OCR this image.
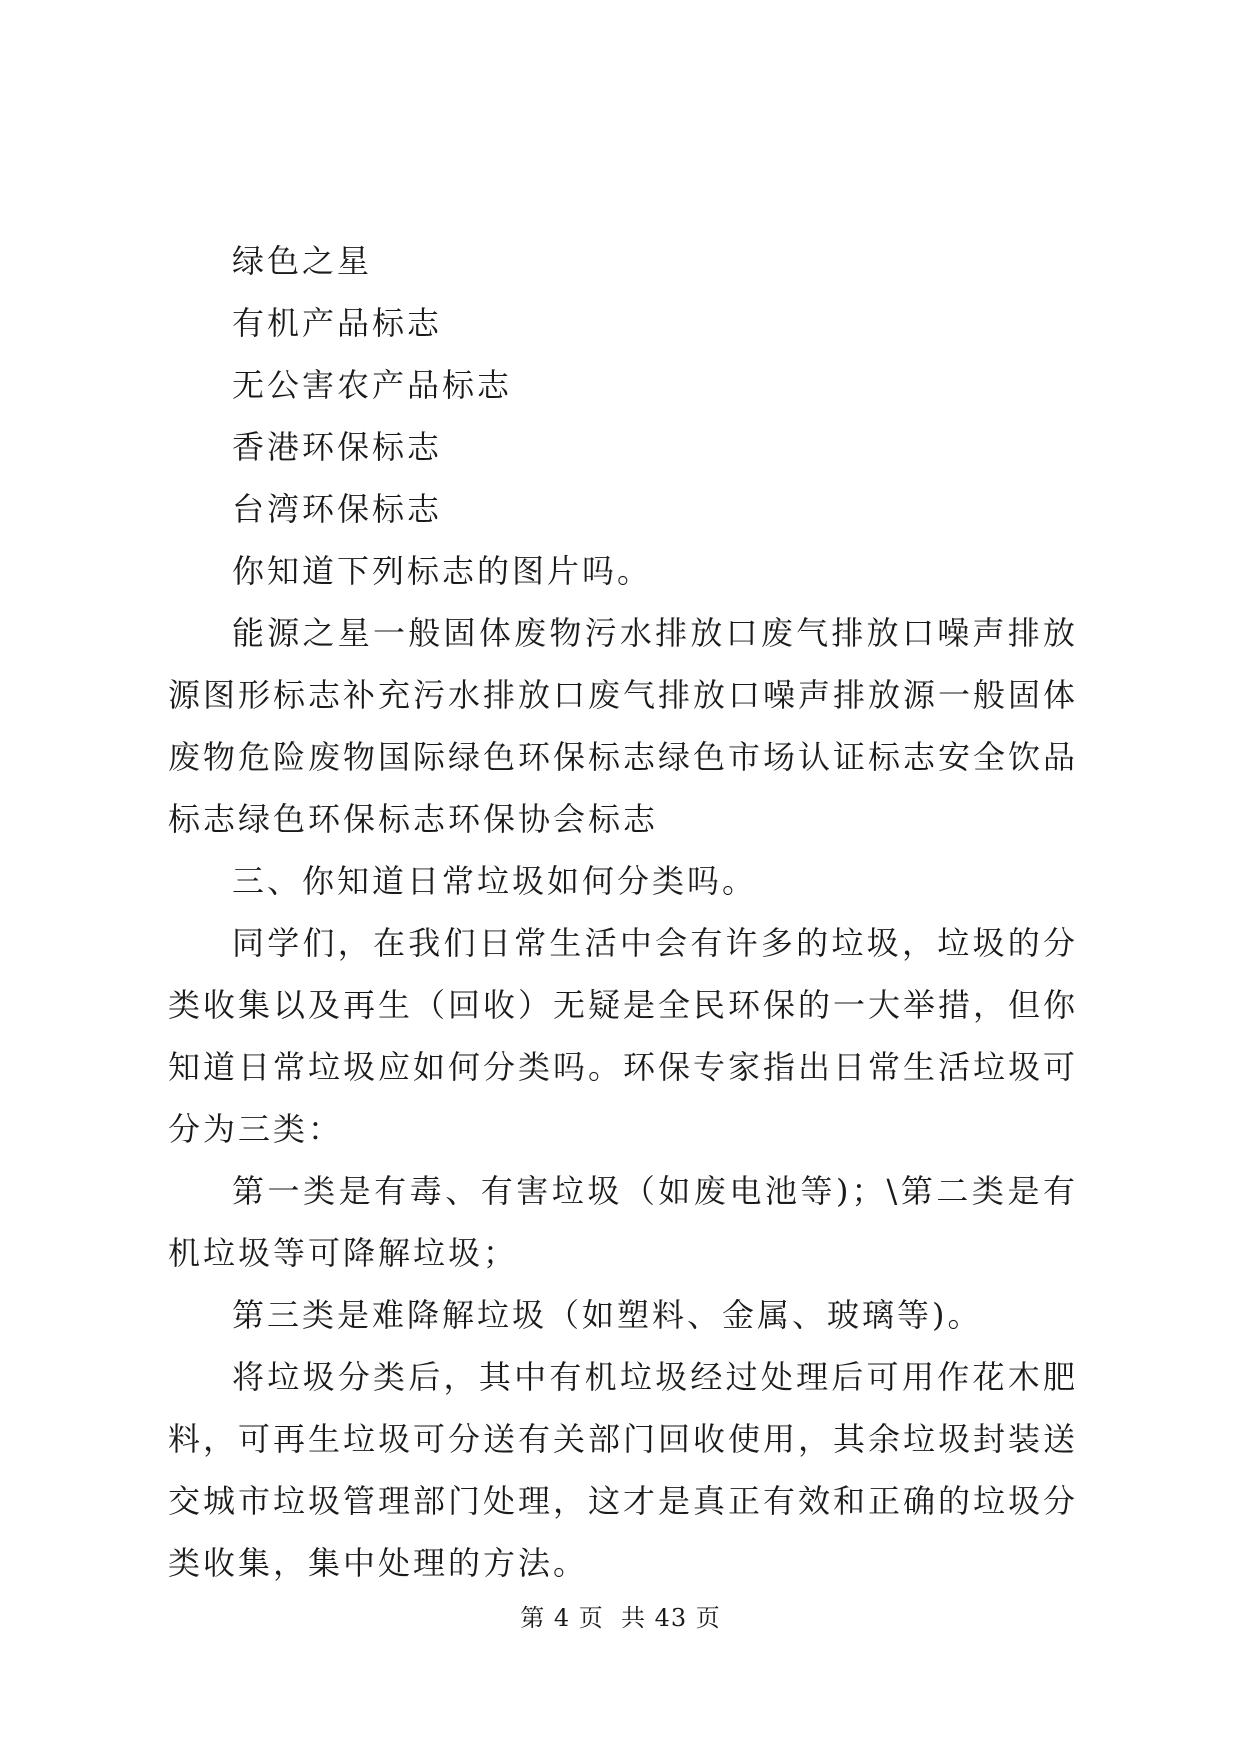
绿色之星

有机产品标志

无公害农产品标志

香港环保标志

台湾环保标志

你知道下列标志的图片吗。

能源之星一般固体废物污水排放口废气排放口噪声排放源图形标志补充污水排放口废气排放口噪声排放源一般固体废物危险废物国际绿色环保标志绿色市场认证标志安全饮品标志绿色环保标志环保协会标志

三、你知道日常垃圾如何分类吗。

同学们，在我们日常生活中会有许多的垃圾，垃圾的分类收集以及再生（回收）无疑是全民环保的一大举措，但你知道日常垃圾应如何分类吗。环保专家指出日常生活垃圾可分为三类：

第一类是有毒、有害垃圾（如废电池等)；\第二类是有机垃圾等可降解垃圾；

第三类是难降解垃圾（如塑料、金属、玻璃等)。

将垃圾分类后，其中有机垃圾经过处理后可用作花木肥料，可再生垃圾可分送有关部门回收使用，其余垃圾封装送交城市垃圾管理部门处理，这才是真正有效和正确的垃圾分类收集，集中处理的方法。

第 4 页  共 43 页
